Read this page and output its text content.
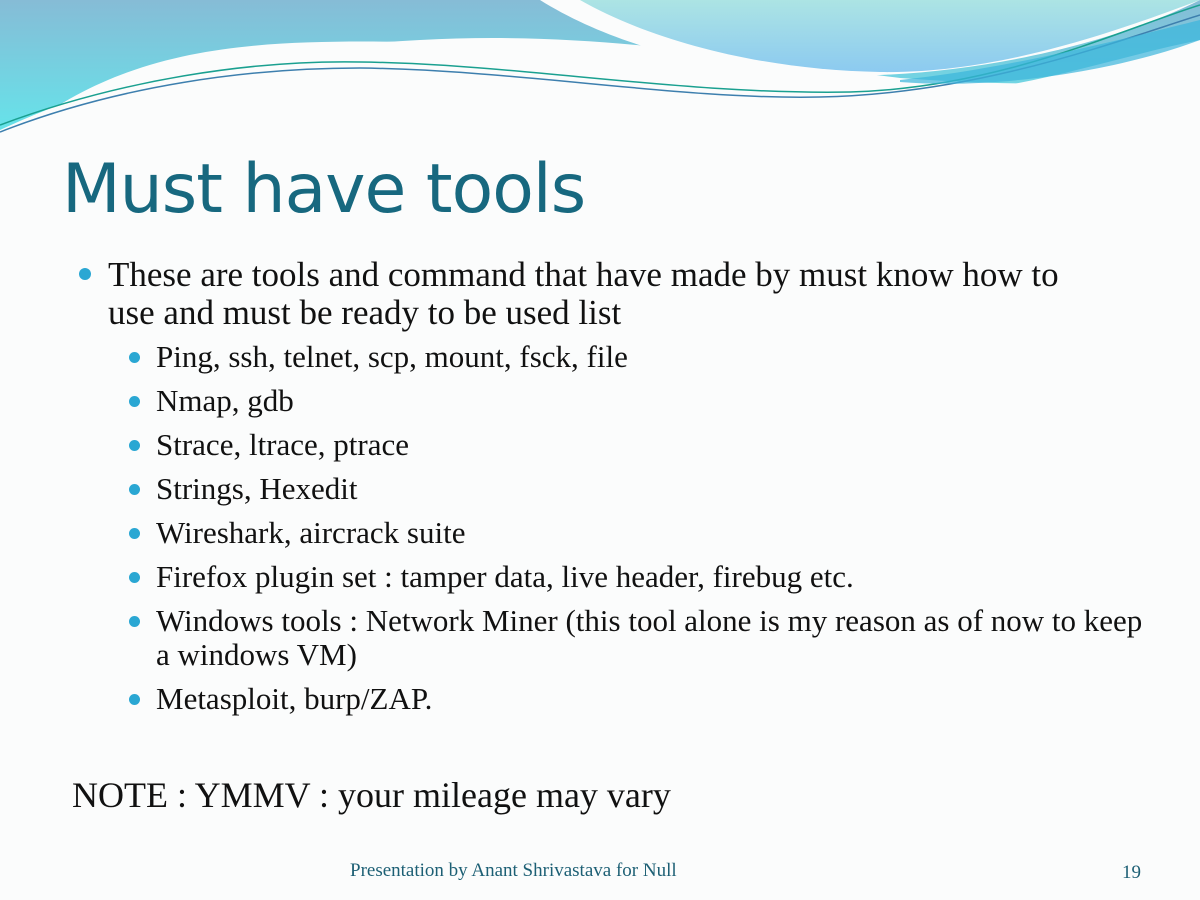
Must have tools
These are tools and command that have made by must know how to use and must be ready to be used list
Ping, ssh, telnet, scp, mount, fsck, file
Nmap, gdb
Strace, ltrace, ptrace
Strings, Hexedit
Wireshark, aircrack suite
Firefox plugin set : tamper data, live header, firebug etc.
Windows tools : Network Miner (this tool alone is my reason as of now to keep a windows VM)
Metasploit, burp/ZAP.
NOTE : YMMV : your mileage may vary
Presentation by Anant Shrivastava for Null	19
